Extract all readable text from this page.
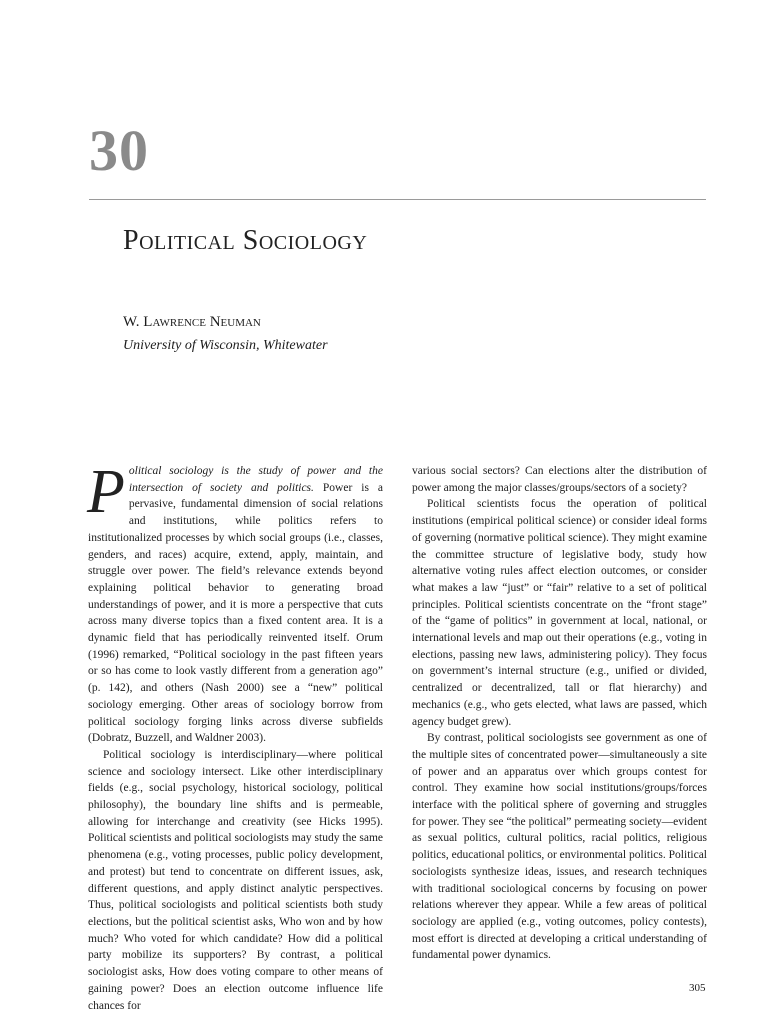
30
Political Sociology
W. Lawrence Neuman
University of Wisconsin, Whitewater

P olitical sociology is the study of power and the intersection of society and politics. Power is a pervasive, fundamental dimension of social relations and institutions, while politics refers to institutionalized processes by which social groups (i.e., classes, genders, and races) acquire, extend, apply, maintain, and struggle over power. The field’s relevance extends beyond explaining political behavior to generating broad understandings of power, and it is more a perspective that cuts across many diverse topics than a fixed content area. It is a dynamic field that has periodically reinvented itself. Orum (1996) remarked, “Political sociology in the past fifteen years or so has come to look vastly different from a generation ago” (p. 142), and others (Nash 2000) see a “new” political sociology emerging. Other areas of sociology borrow from political sociology forging links across diverse subfields (Dobratz, Buzzell, and Waldner 2003).

Political sociology is interdisciplinary—where political science and sociology intersect. Like other interdisciplinary fields (e.g., social psychology, historical sociology, political philosophy), the boundary line shifts and is permeable, allowing for interchange and creativity (see Hicks 1995). Political scientists and political sociologists may study the same phenomena (e.g., voting processes, public policy development, and protest) but tend to concentrate on different issues, ask, different questions, and apply distinct analytic perspectives. Thus, political sociologists and political scientists both study elections, but the political scientist asks, Who won and by how much? Who voted for which candidate? How did a political party mobilize its supporters? By contrast, a political sociologist asks, How does voting compare to other means of gaining power? Does an election outcome influence life chances for

various social sectors? Can elections alter the distribution of power among the major classes/groups/sectors of a society?

Political scientists focus the operation of political institutions (empirical political science) or consider ideal forms of governing (normative political science). They might examine the committee structure of legislative body, study how alternative voting rules affect election outcomes, or consider what makes a law “just” or “fair” relative to a set of political principles. Political scientists concentrate on the “front stage” of the “game of politics” in government at local, national, or international levels and map out their operations (e.g., voting in elections, passing new laws, administering policy). They focus on government’s internal structure (e.g., unified or divided, centralized or decentralized, tall or flat hierarchy) and mechanics (e.g., who gets elected, what laws are passed, which agency budget grew).

By contrast, political sociologists see government as one of the multiple sites of concentrated power—simultaneously a site of power and an apparatus over which groups contest for control. They examine how social institutions/groups/forces interface with the political sphere of governing and struggles for power. They see “the political” permeating society—evident as sexual politics, cultural politics, racial politics, religious politics, educational politics, or environmental politics. Political sociologists synthesize ideas, issues, and research techniques with traditional sociological concerns by focusing on power relations wherever they appear. While a few areas of political sociology are applied (e.g., voting outcomes, policy contests), most effort is directed at developing a critical understanding of fundamental power dynamics.

305
